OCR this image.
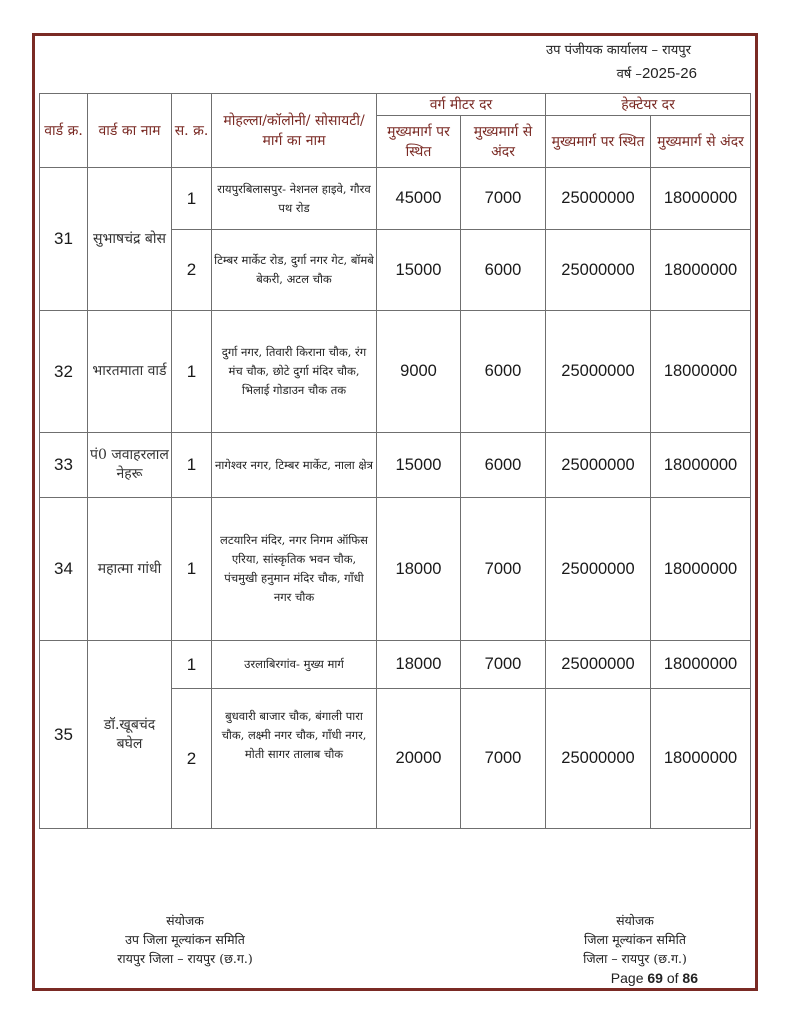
उप पंजीयक कार्यालय – रायपुर
वर्ष –2025-26
वार्ड क्र.	वार्ड का नाम	स. क्र.	मोहल्ला/कॉलोनी/ सोसायटी/मार्ग का नाम	वर्ग मीटर दर		हेक्टेयर दर	
				मुख्यमार्ग पर स्थित	मुख्यमार्ग से अंदर	मुख्यमार्ग पर स्थित	मुख्यमार्ग से अंदर
31	सुभाषचंद्र बोस	1	रायपुरबिलासपुर- नेशनल हाइवे, गौरव पथ रोड	45000	7000	25000000	18000000
		2	टिम्बर मार्केट रोड, दुर्गा नगर गेट, बॉमबे बेकरी, अटल चौक	15000	6000	25000000	18000000
32	भारतमाता वार्ड	1	दुर्गा नगर, तिवारी किराना चौक, रंग मंच चौक, छोटे दुर्गा मंदिर चौक, भिलाई गोडाउन चौक तक	9000	6000	25000000	18000000
33	पं0 जवाहरलाल नेहरू	1	नागेश्वर नगर, टिम्बर मार्केट, नाला क्षेत्र	15000	6000	25000000	18000000
34	महात्मा गांधी	1	लटयारिन मंदिर, नगर निगम ऑफिस एरिया, सांस्कृतिक भवन चौक, पंचमुखी हनुमान मंदिर चौक, गाँधी नगर चौक	18000	7000	25000000	18000000
35	डॉ.खूबचंद बघेल	1	उरलाबिरगांव- मुख्य मार्ग	18000	7000	25000000	18000000
		2	बुधवारी बाजार चौक, बंगाली पारा चौक, लक्ष्मी नगर चौक, गाँधी नगर, मोती सागर तालाब चौक	20000	7000	25000000	18000000
संयोजक
उप जिला मूल्यांकन समिति
रायपुर जिला – रायपुर (छ.ग.)
संयोजक
जिला मूल्यांकन समिति
जिला – रायपुर (छ.ग.)
Page 69 of 86
